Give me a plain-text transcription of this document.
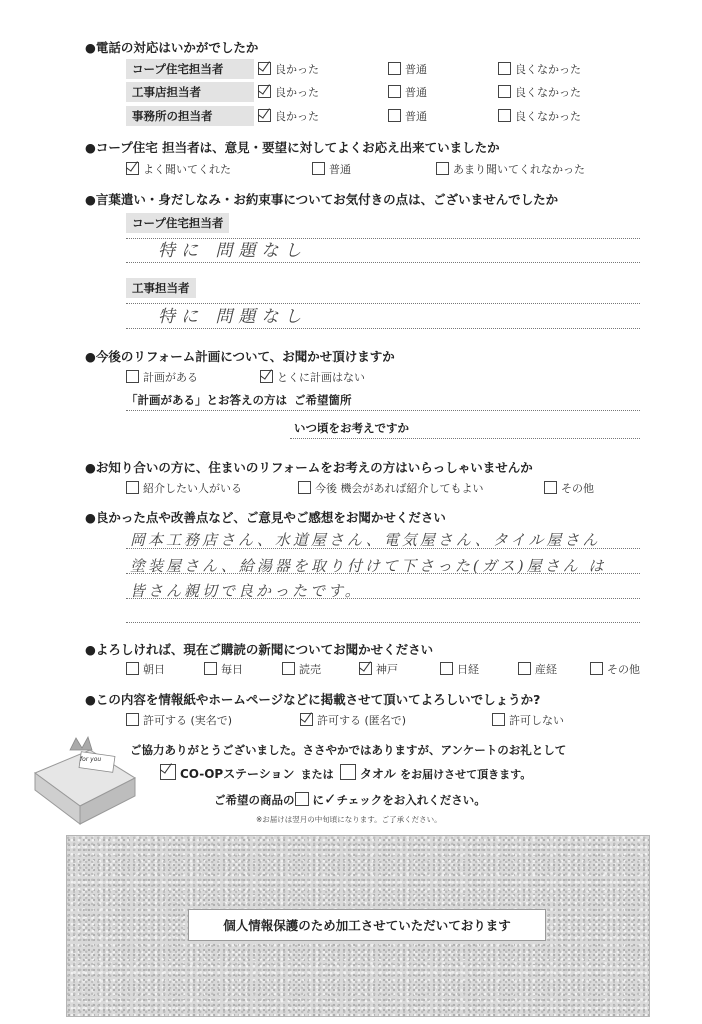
●電話の対応はいかがでしたか
コープ住宅担当者	良かった	普通	良くなかった
工事店担当者	良かった	普通	良くなかった
事務所の担当者	良かった	普通	良くなかった
●コープ住宅 担当者は、意見・要望に対してよくお応え出来ていましたか
よく聞いてくれた	普通	あまり聞いてくれなかった
●言葉遣い・身だしなみ・お約束事についてお気付きの点は、ございませんでしたか
コープ住宅担当者
特に 問題なし
工事担当者
特に 問題なし
●今後のリフォーム計画について、お聞かせ頂けますか
計画がある	とくに計画はない
「計画がある」とお答えの方は ご希望箇所
いつ頃をお考えですか
●お知り合いの方に、住まいのリフォームをお考えの方はいらっしゃいませんか
紹介したい人がいる	今後 機会があれば紹介してもよい	その他
●良かった点や改善点など、ご意見やご感想をお聞かせください
岡本工務店さん、水道屋さん、電気屋さん、タイル屋さん
塗装屋さん、給湯器を取り付けて下さった(ガス)屋さん は
皆さん親切で良かったです。
●よろしければ、現在ご購読の新聞についてお聞かせください
朝日	毎日	読売	神戸	日経	産経	その他
●この内容を情報紙やホームページなどに掲載させて頂いてよろしいでしょうか?
許可する (実名で)	許可する (匿名で)	許可しない
for you
ご協力ありがとうございました。ささやかではありますが、アンケートのお礼として
CO-OPステーション または タオル をお届けさせて頂きます。
ご希望の商品の に✓チェックをお入れください。
※お届けは翌月の中旬頃になります。ご了承ください。
個人情報保護のため加工させていただいております
